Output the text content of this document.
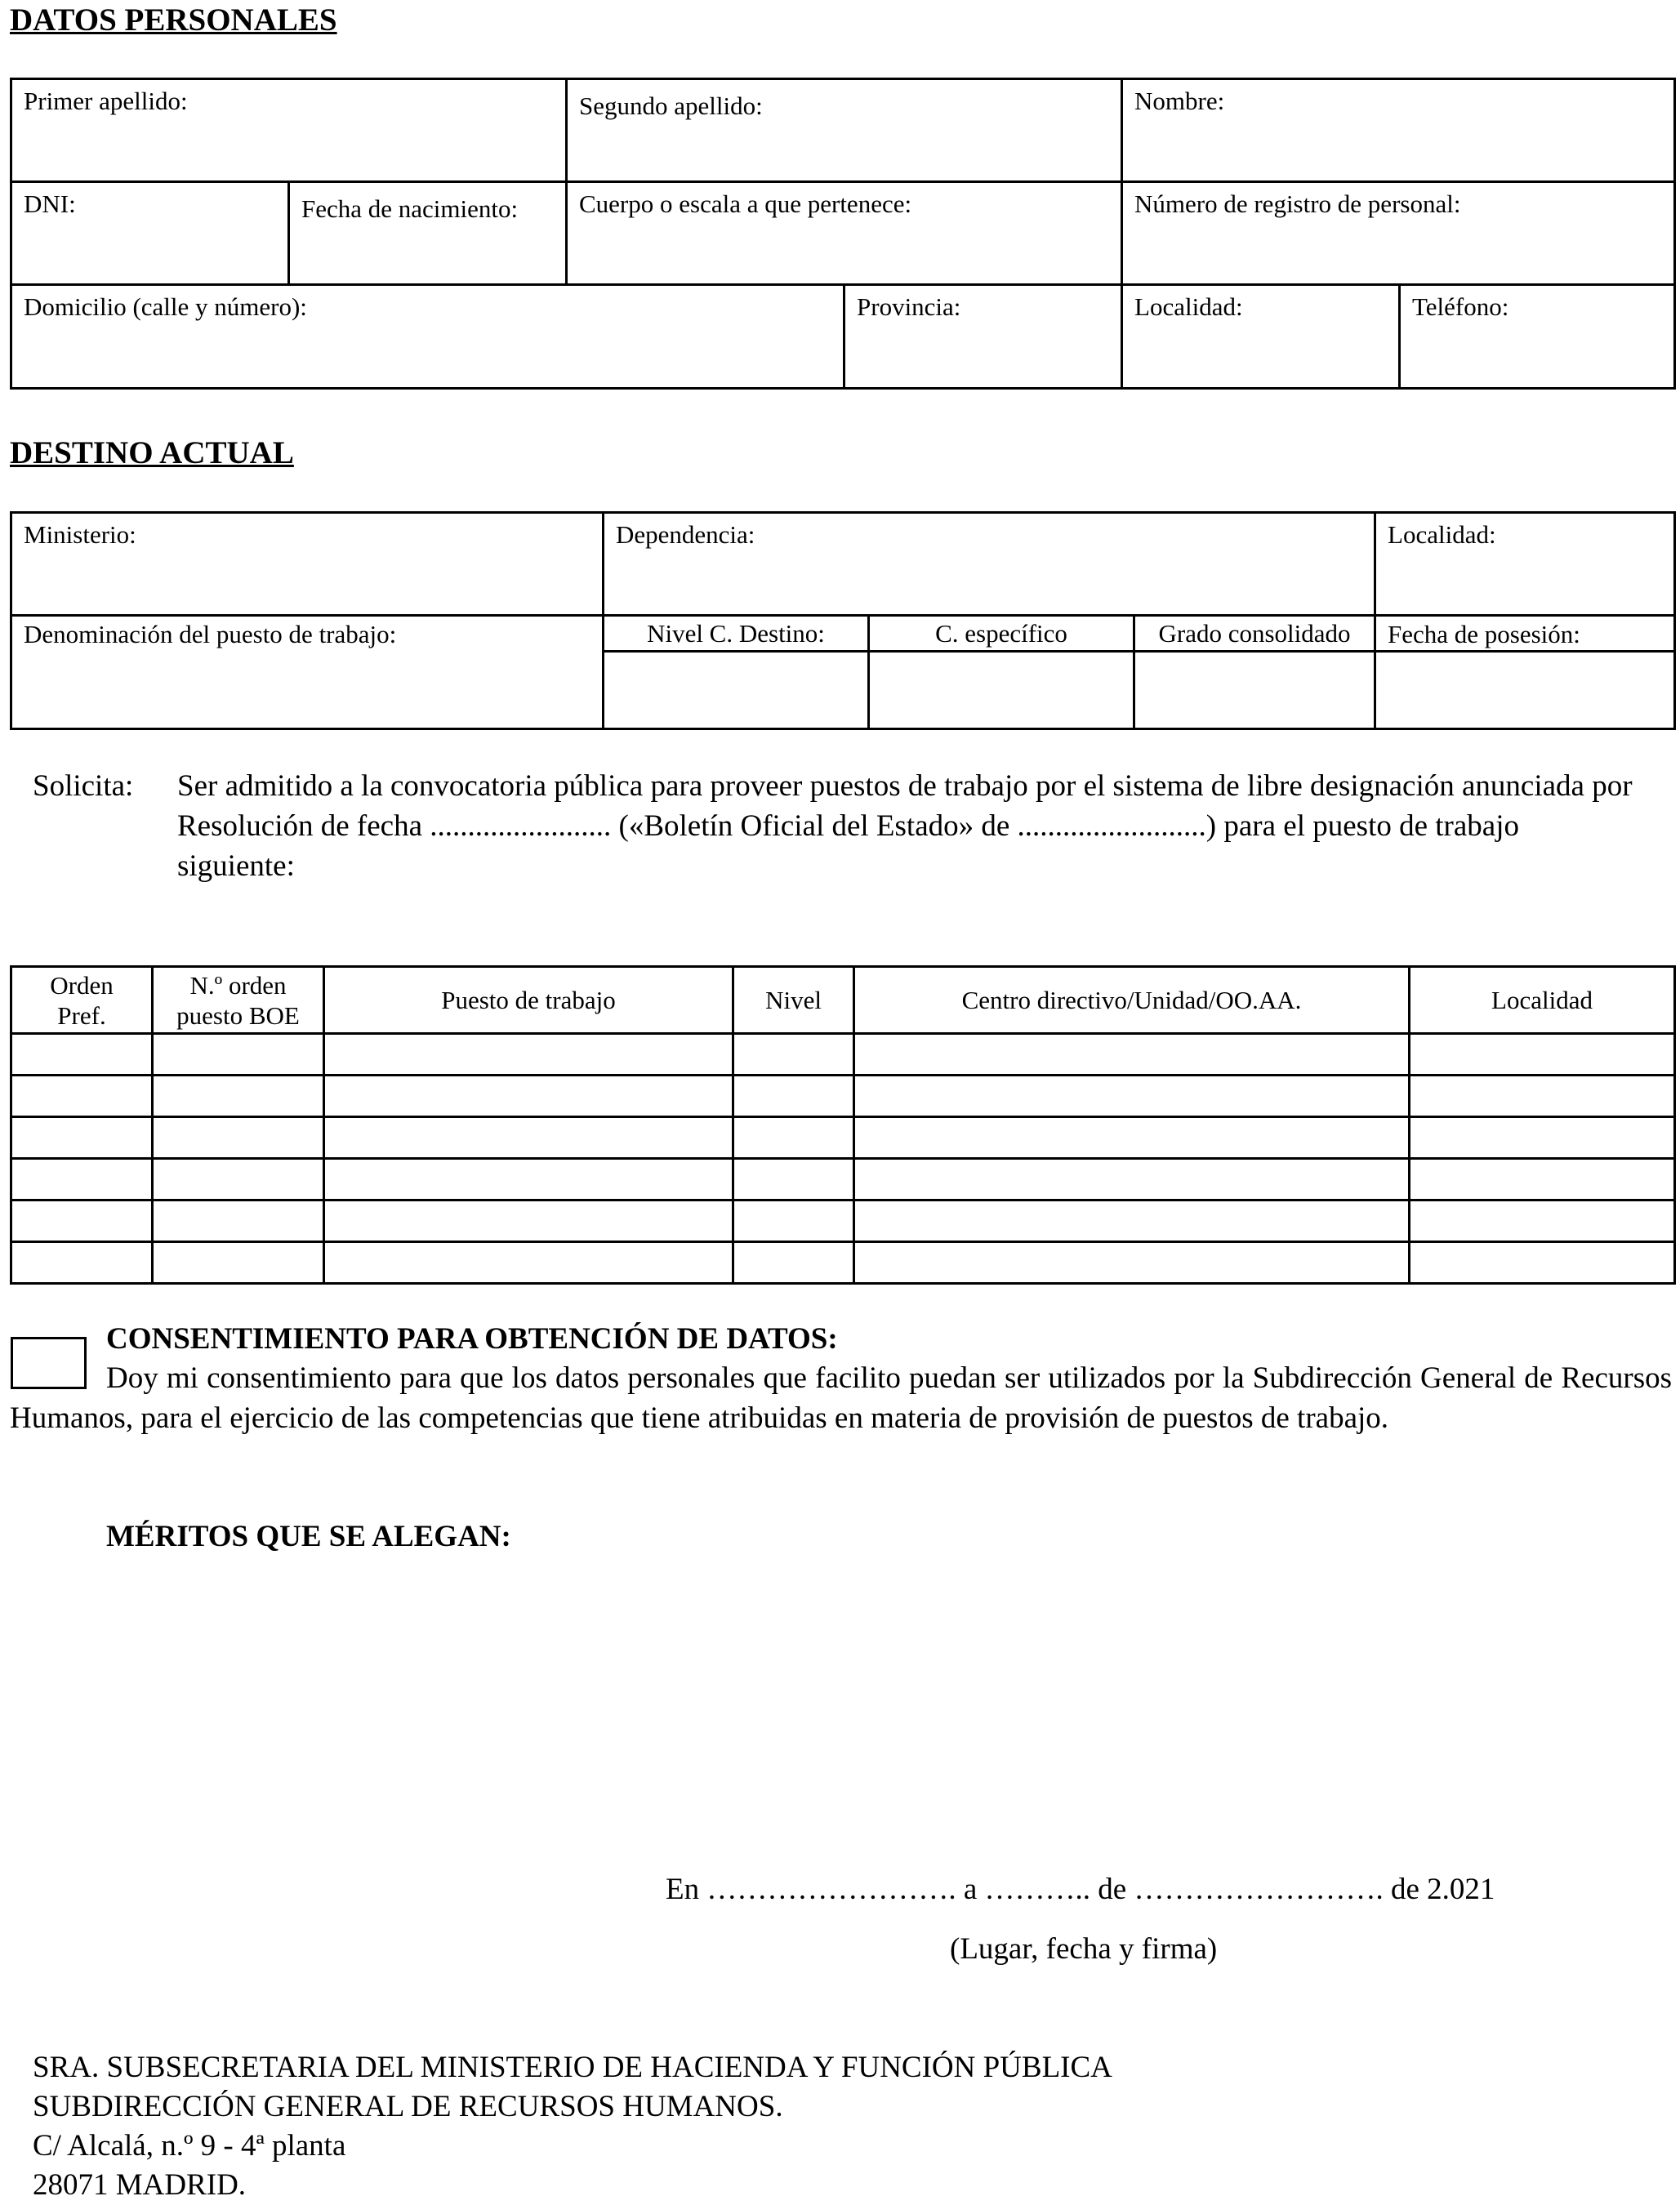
DATOS PERSONALES
Primer apellido:		Segundo apellido:		Nombre:	

DNI:	Fecha de nacimiento:	Cuerpo o escala a que pertenece:		Número de registro de personal:	

Domicilio (calle y número):			Provincia:	Localidad:	Teléfono:
DESTINO ACTUAL
Ministerio:	Dependencia:			Localidad:

Denominación del puesto de trabajo:	Nivel C. Destino:	C. específico	Grado consolidado	Fecha de posesión:

Solicita: Ser admitido a la convocatoria pública para proveer puestos de trabajo por el sistema de libre designación anunciada por Resolución de fecha ........................ («Boletín Oficial del Estado» de .........................) para el puesto de trabajo siguiente:
Orden Pref.	N.º orden puesto BOE	Puesto de trabajo	Nivel	Centro directivo/Unidad/OO.AA.	Localidad

CONSENTIMIENTO PARA OBTENCIÓN DE DATOS:
Doy mi consentimiento para que los datos personales que facilito puedan ser utilizados por la Subdirección General de Recursos Humanos, para el ejercicio de las competencias que tiene atribuidas en materia de provisión de puestos de trabajo.
MÉRITOS QUE SE ALEGAN:
En ……………………. a ……….. de ……………………. de 2.021
(Lugar, fecha y firma)
SRA. SUBSECRETARIA DEL MINISTERIO DE HACIENDA Y FUNCIÓN PÚBLICA
SUBDIRECCIÓN GENERAL DE RECURSOS HUMANOS.
C/ Alcalá, n.º 9 - 4ª planta
28071 MADRID.
